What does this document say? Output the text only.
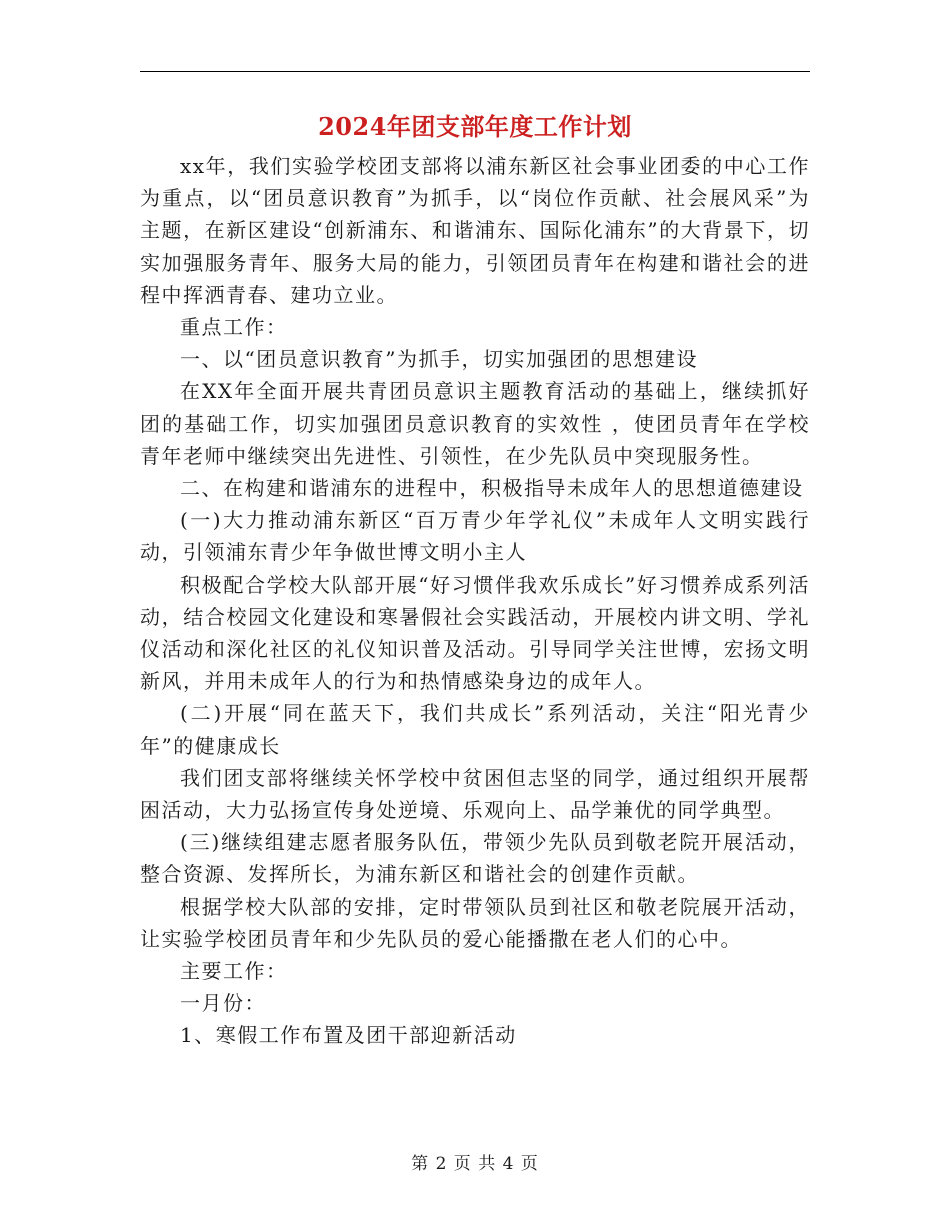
2024年团支部年度工作计划

xx年，我们实验学校团支部将以浦东新区社会事业团委的中心工作为重点，以“团员意识教育”为抓手，以“岗位作贡献、社会展风采”为主题，在新区建设“创新浦东、和谐浦东、国际化浦东”的大背景下，切实加强服务青年、服务大局的能力，引领团员青年在构建和谐社会的进程中挥洒青春、建功立业。

重点工作：

一、以“团员意识教育”为抓手，切实加强团的思想建设

在XX年全面开展共青团员意识主题教育活动的基础上，继续抓好团的基础工作，切实加强团员意识教育的实效性 ，使团员青年在学校青年老师中继续突出先进性、引领性，在少先队员中突现服务性。

二、在构建和谐浦东的进程中，积极指导未成年人的思想道德建设

(一)大力推动浦东新区“百万青少年学礼仪”未成年人文明实践行动，引领浦东青少年争做世博文明小主人

积极配合学校大队部开展“好习惯伴我欢乐成长”好习惯养成系列活动，结合校园文化建设和寒暑假社会实践活动，开展校内讲文明、学礼仪活动和深化社区的礼仪知识普及活动。引导同学关注世博，宏扬文明新风，并用未成年人的行为和热情感染身边的成年人。

(二)开展“同在蓝天下，我们共成长”系列活动，关注“阳光青少年”的健康成长

我们团支部将继续关怀学校中贫困但志坚的同学，通过组织开展帮困活动，大力弘扬宣传身处逆境、乐观向上、品学兼优的同学典型。

(三)继续组建志愿者服务队伍，带领少先队员到敬老院开展活动，整合资源、发挥所长，为浦东新区和谐社会的创建作贡献。

根据学校大队部的安排，定时带领队员到社区和敬老院展开活动，让实验学校团员青年和少先队员的爱心能播撒在老人们的心中。

主要工作：

一月份：

1、寒假工作布置及团干部迎新活动

第 2 页 共 4 页
